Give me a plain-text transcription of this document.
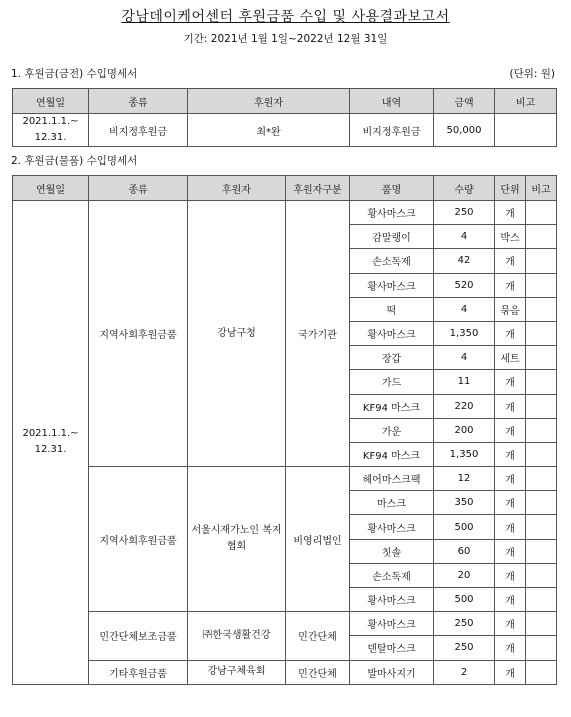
강남데이케어센터 후원금품 수입 및 사용결과보고서
기간: 2021년 1월 1일~2022년 12월 31일
1. 후원금(금전) 수입명세서	(단위: 원)
연월일	종류	후원자	내역	금액	비고
2021.1.1.~ 12.31.	비지정후원금	최*완	비지정후원금	50,000	
2. 후원금(물품) 수입명세서
연월일	종류	후원자	후원자구분	품명	수량	단위	비고
2021.1.1.~ 12.31.	지역사회후원금품	강남구청	국가기관	황사마스크	250	개	
				감말랭이	4	박스	
				손소독제	42	개	
				황사마스크	520	개	
				떡	4	묶음	
				황사마스크	1,350	개	
				장갑	4	세트	
				가드	11	개	
				KF94 마스크	220	개	
				가운	200	개	
				KF94 마스크	1,350	개	
	지역사회후원금품	서울시재가노인 복지협회	비영리법인	헤어마스크팩	12	개	
				마스크	350	개	
				황사마스크	500	개	
				칫솔	60	개	
				손소독제	20	개	
				황사마스크	500	개	
	민간단체보조금품	㈜한국생활건강	민간단체	황사마스크	250	개	
				덴탈마스크	250	개	
	기타후원금품	강남구체육회	민간단체	발마사지기	2	개	
